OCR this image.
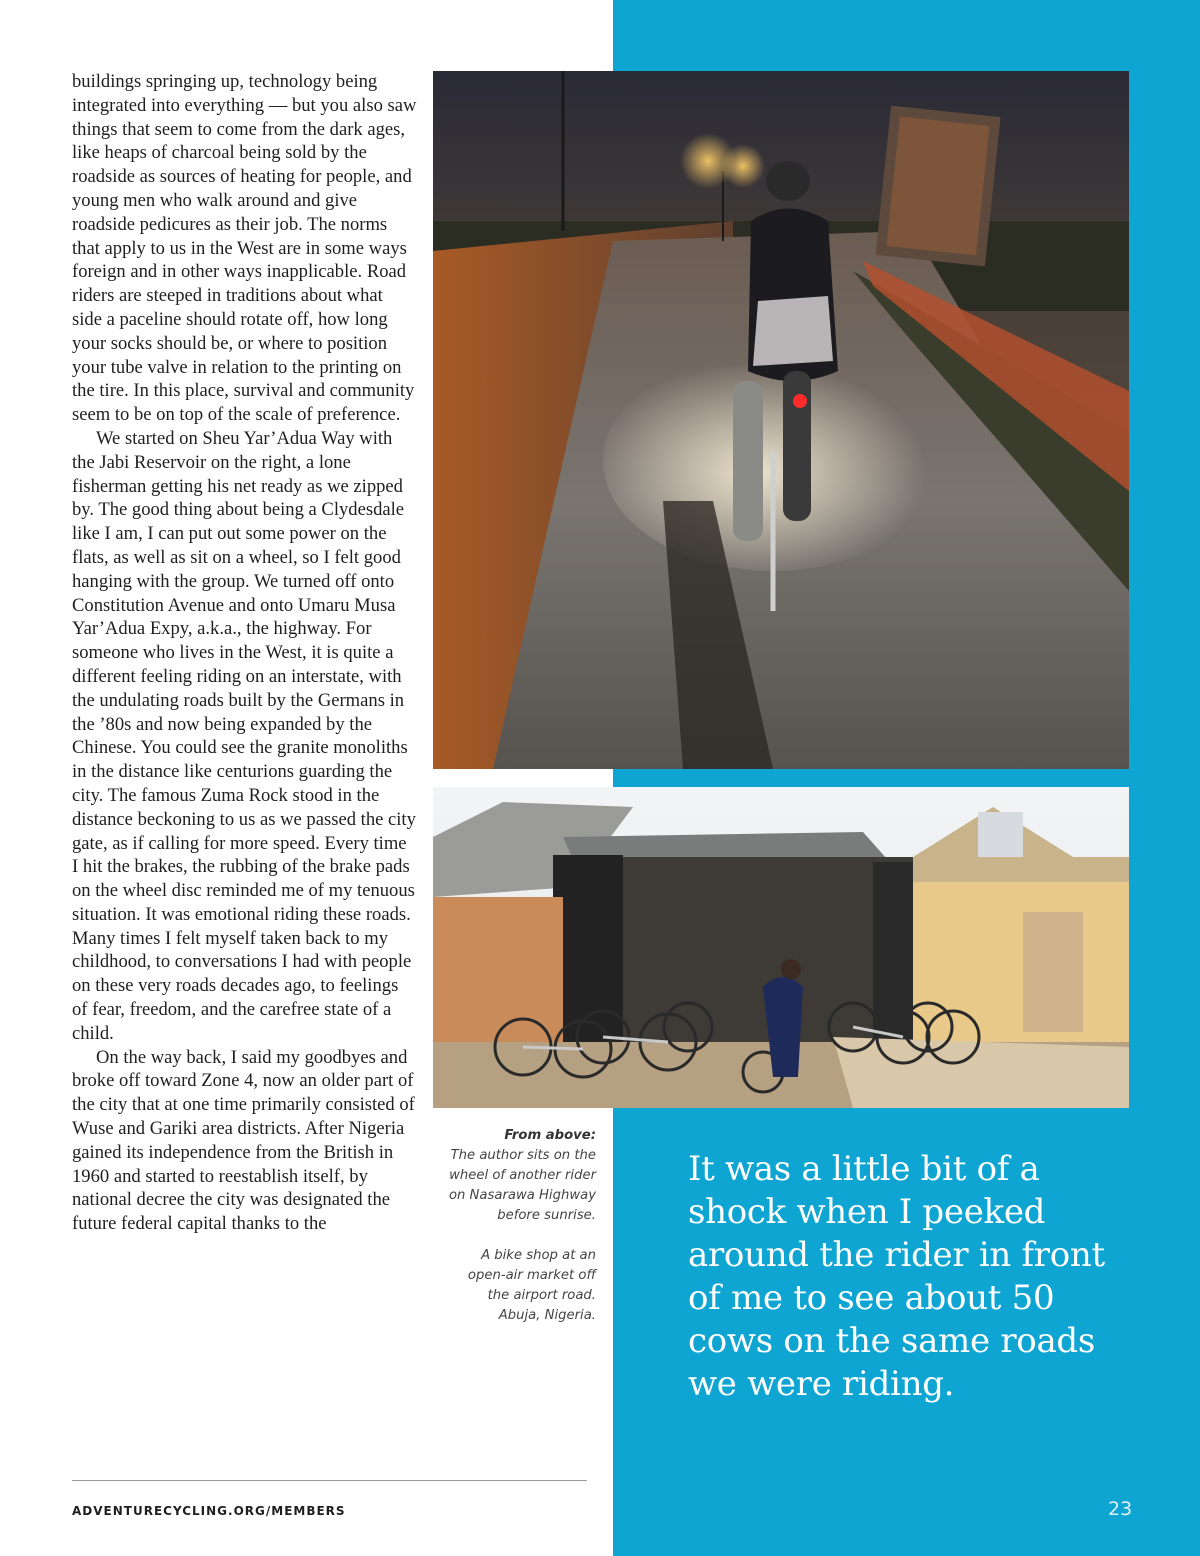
buildings springing up, technology being integrated into everything — but you also saw things that seem to come from the dark ages, like heaps of charcoal being sold by the roadside as sources of heating for people, and young men who walk around and give roadside pedicures as their job. The norms that apply to us in the West are in some ways foreign and in other ways inapplicable. Road riders are steeped in traditions about what side a paceline should rotate off, how long your socks should be, or where to position your tube valve in relation to the printing on the tire. In this place, survival and community seem to be on top of the scale of preference.

We started on Sheu Yar’Adua Way with the Jabi Reservoir on the right, a lone fisherman getting his net ready as we zipped by. The good thing about being a Clydesdale like I am, I can put out some power on the flats, as well as sit on a wheel, so I felt good hanging with the group. We turned off onto Constitution Avenue and onto Umaru Musa Yar’Adua Expy, a.k.a., the highway. For someone who lives in the West, it is quite a different feeling riding on an interstate, with the undulating roads built by the Germans in the ’80s and now being expanded by the Chinese. You could see the granite monoliths in the distance like centurions guarding the city. The famous Zuma Rock stood in the distance beckoning to us as we passed the city gate, as if calling for more speed. Every time I hit the brakes, the rubbing of the brake pads on the wheel disc reminded me of my tenuous situation. It was emotional riding these roads. Many times I felt myself taken back to my childhood, to conversations I had with people on these very roads decades ago, to feelings of fear, freedom, and the carefree state of a child.

On the way back, I said my goodbyes and broke off toward Zone 4, now an older part of the city that at one time primarily consisted of Wuse and Gariki area districts. After Nigeria gained its independence from the British in 1960 and started to reestablish itself, by national decree the city was designated the future federal capital thanks to the

From above:
The author sits on the wheel of another rider on Nasarawa Highway before sunrise.
A bike shop at an open-air market off the airport road. Abuja, Nigeria.
It was a little bit of a shock when I peeked around the rider in front of me to see about 50 cows on the same roads we were riding.
ADVENTURECYCLING.ORG/MEMBERS	23
